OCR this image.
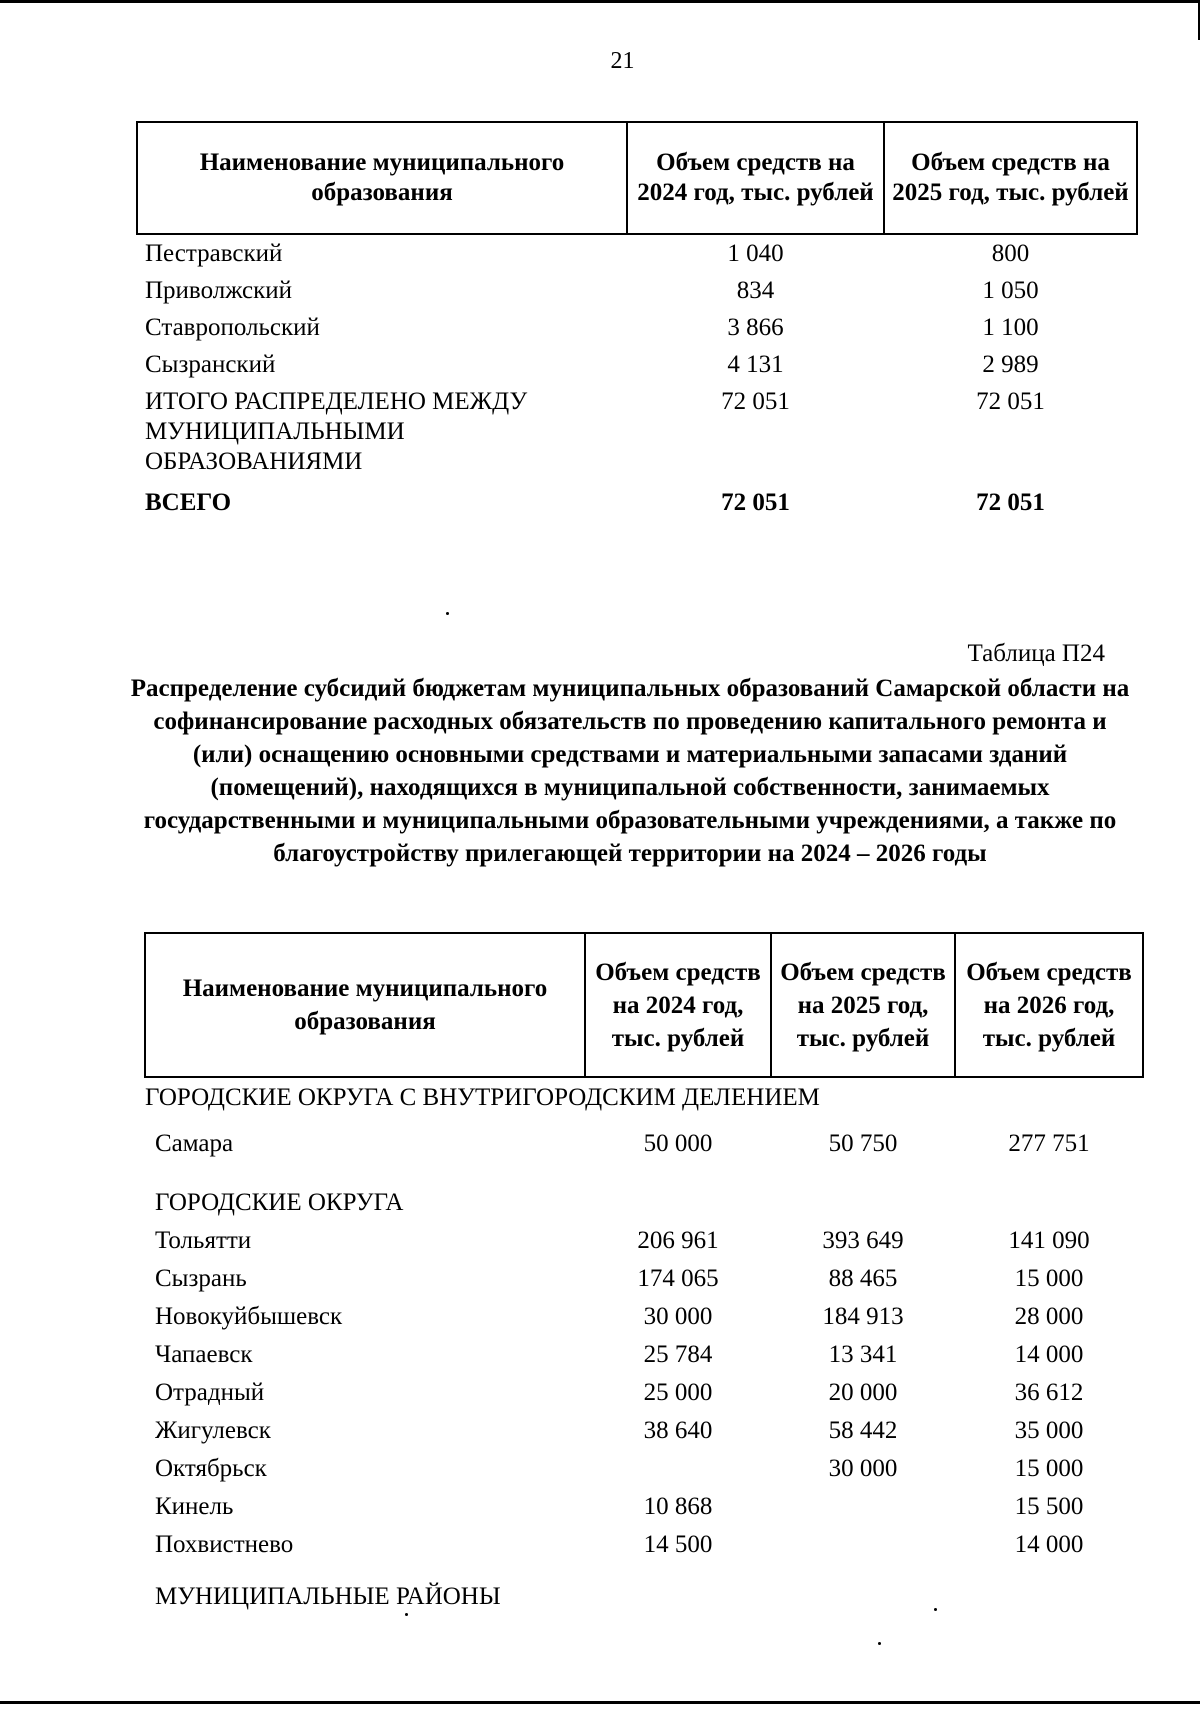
21
Наименование муниципального образования	Объем средств на 2024 год, тыс. рублей	Объем средств на 2025 год, тыс. рублей
Пестравский	1 040	800
Приволжский	834	1 050
Ставропольский	3 866	1 100
Сызранский	4 131	2 989
ИТОГО РАСПРЕДЕЛЕНО МЕЖДУ МУНИЦИПАЛЬНЫМИ ОБРАЗОВАНИЯМИ	72 051	72 051
ВСЕГО	72 051	72 051
Таблица П24

Распределение субсидий бюджетам муниципальных образований Самарской области на софинансирование расходных обязательств по проведению капитального ремонта и (или) оснащению основными средствами и материальными запасами зданий (помещений), находящихся в муниципальной собственности, занимаемых государственными и муниципальными образовательными учреждениями, а также по благоустройству прилегающей территории на 2024 – 2026 годы

Наименование муниципального образования	Объем средств на 2024 год, тыс. рублей	Объем средств на 2025 год, тыс. рублей	Объем средств на 2026 год, тыс. рублей
ГОРОДСКИЕ ОКРУГА С ВНУТРИГОРОДСКИМ ДЕЛЕНИЕМ			
Самара	50 000	50 750	277 751
ГОРОДСКИЕ ОКРУГА			
Тольятти	206 961	393 649	141 090
Сызрань	174 065	88 465	15 000
Новокуйбышевск	30 000	184 913	28 000
Чапаевск	25 784	13 341	14 000
Отрадный	25 000	20 000	36 612
Жигулевск	38 640	58 442	35 000
Октябрьск		30 000	15 000
Кинель	10 868		15 500
Похвистнево	14 500		14 000
МУНИЦИПАЛЬНЫЕ РАЙОНЫ			
